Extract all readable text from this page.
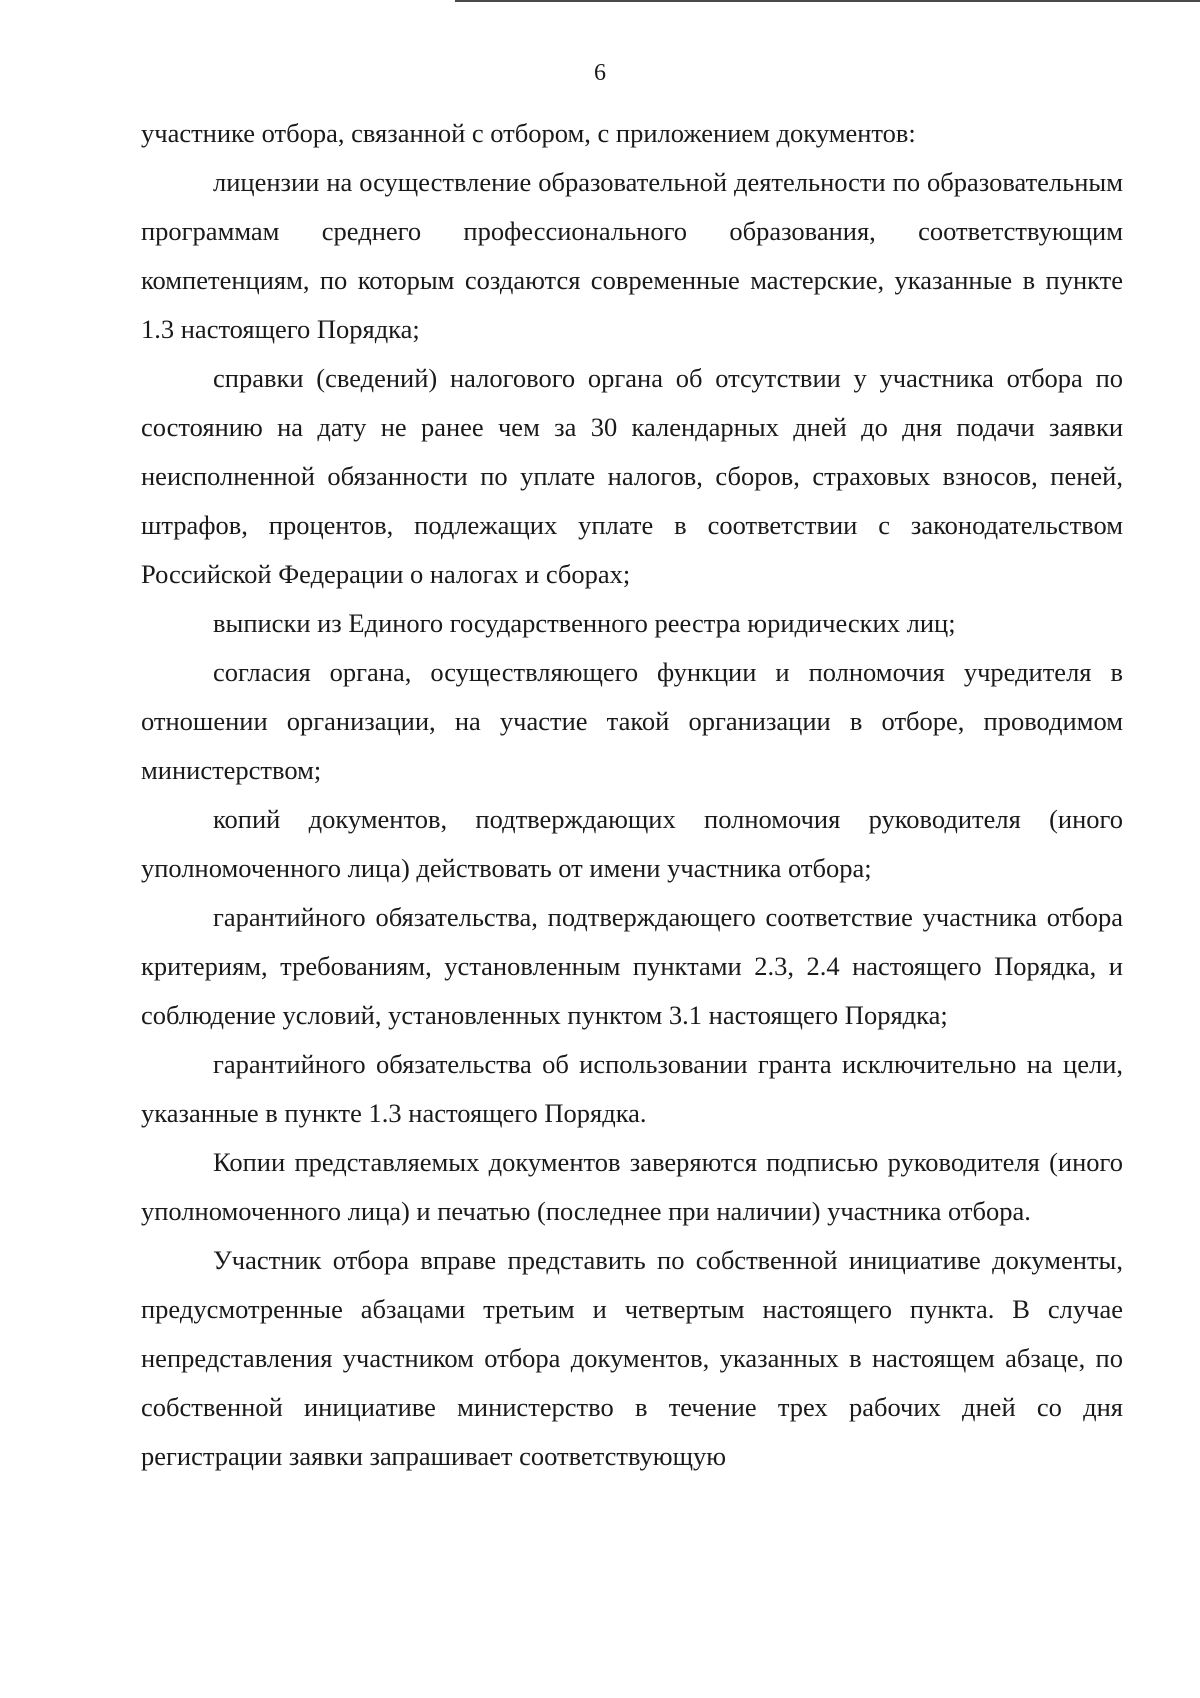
6

участнике отбора, связанной с отбором, с приложением документов:

лицензии на осуществление образовательной деятельности по образовательным программам среднего профессионального образования, соответствующим компетенциям, по которым создаются современные мастерские, указанные в пункте 1.3 настоящего Порядка;

справки (сведений) налогового органа об отсутствии у участника отбора по состоянию на дату не ранее чем за 30 календарных дней до дня подачи заявки неисполненной обязанности по уплате налогов, сборов, страховых взносов, пеней, штрафов, процентов, подлежащих уплате в соответствии с законодательством Российской Федерации о налогах и сборах;

выписки из Единого государственного реестра юридических лиц;

согласия органа, осуществляющего функции и полномочия учредителя в отношении организации, на участие такой организации в отборе, проводимом министерством;

копий документов, подтверждающих полномочия руководителя (иного уполномоченного лица) действовать от имени участника отбора;

гарантийного обязательства, подтверждающего соответствие участника отбора критериям, требованиям, установленным пунктами 2.3, 2.4 настоящего Порядка, и соблюдение условий, установленных пунктом 3.1 настоящего Порядка;

гарантийного обязательства об использовании гранта исключительно на цели, указанные в пункте 1.3 настоящего Порядка.

Копии представляемых документов заверяются подписью руководителя (иного уполномоченного лица) и печатью (последнее при наличии) участника отбора.

Участник отбора вправе представить по собственной инициативе документы, предусмотренные абзацами третьим и четвертым настоящего пункта. В случае непредставления участником отбора документов, указанных в настоящем абзаце, по собственной инициативе министерство в течение трех рабочих дней со дня регистрации заявки запрашивает соответствующую
